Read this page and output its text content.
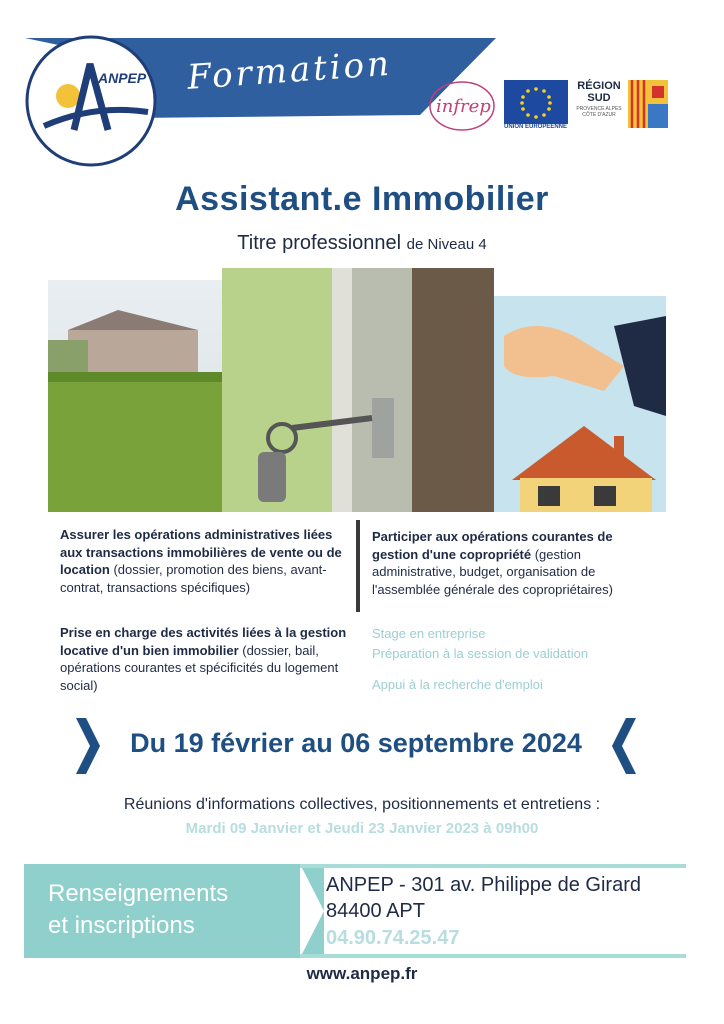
Formation
ANPEP
infrep
UNION EUROPÉENNE
RÉGION SUD
PROVENCE ALPES CÔTE D'AZUR
Assistant.e Immobilier
Titre professionnel de Niveau 4
Assurer les opérations administratives liées aux transactions immobilières de vente ou de location (dossier, promotion des biens, avant-contrat, transactions spécifiques)
Participer aux opérations courantes de gestion d'une copropriété (gestion administrative, budget, organisation de l'assemblée générale des copropriétaires)
Prise en charge des activités liées à la gestion locative d'un bien immobilier (dossier, bail, opérations courantes et spécificités du logement social)
Stage en entreprise
Préparation à la session de validation
Appui à la recherche d'emploi
Du 19 février au 06 septembre 2024
Réunions d'informations collectives, positionnements et entretiens :
Mardi 09 Janvier et Jeudi 23 Janvier 2023 à 09h00
Renseignements
et inscriptions
ANPEP - 301 av. Philippe de Girard
84400 APT
04.90.74.25.47
www.anpep.fr
